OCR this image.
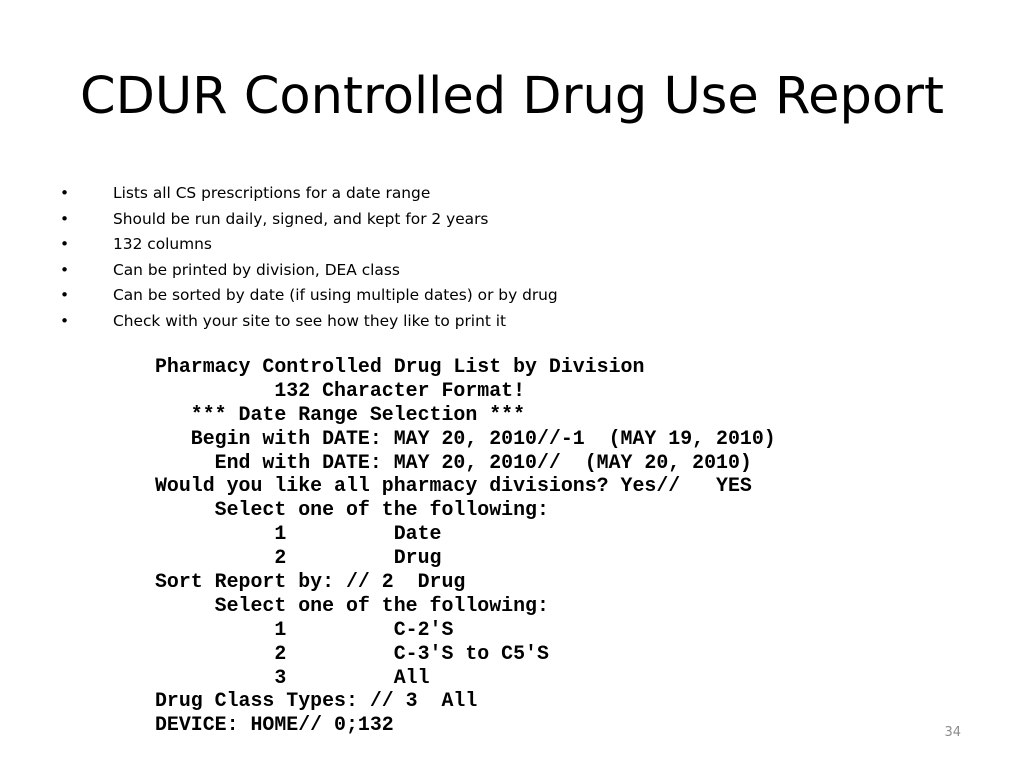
CDUR Controlled Drug Use Report
•	Lists all CS prescriptions for a date range
•	Should be run daily, signed, and kept for 2 years
•	132 columns
•	Can be printed by division, DEA class
•	Can be sorted by date (if using multiple dates) or by drug
•	Check with your site to see how they like to print it
Pharmacy Controlled Drug List by Division
132 Character Format!
*** Date Range Selection ***
Begin with DATE: MAY 20, 2010//-1  (MAY 19, 2010)
End with DATE: MAY 20, 2010//  (MAY 20, 2010)
Would you like all pharmacy divisions? Yes//   YES
Select one of the following:
1         Date
2         Drug
Sort Report by: // 2  Drug
Select one of the following:
1         C-2'S
2         C-3'S to C5'S
3         All
Drug Class Types: // 3  All
DEVICE: HOME// 0;132	34
